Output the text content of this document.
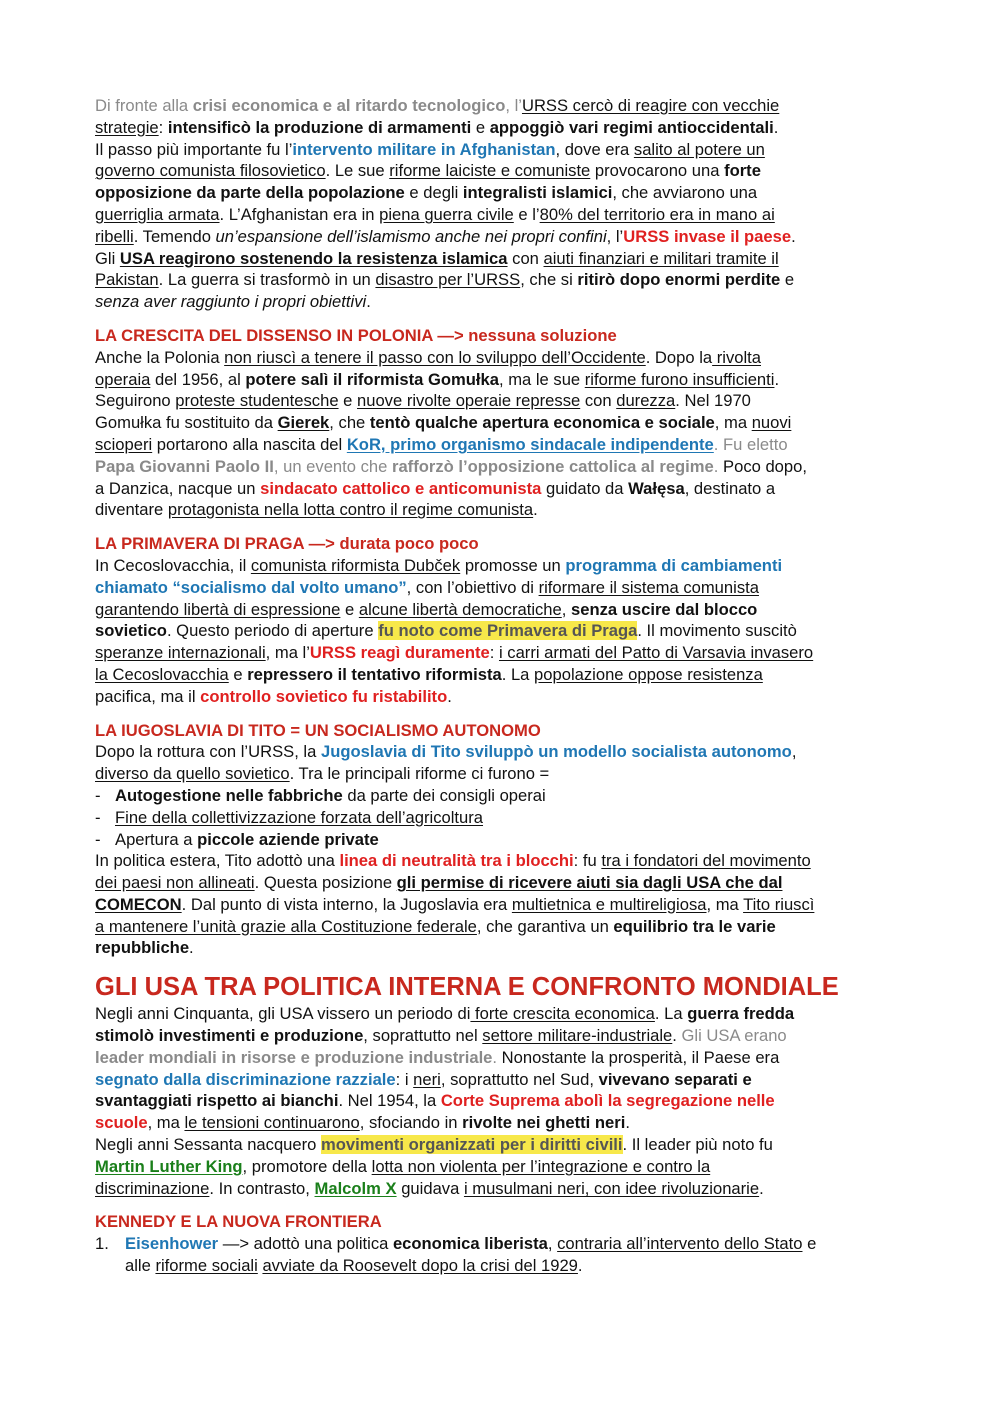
Di fronte alla crisi economica e al ritardo tecnologico, l’URSS cercò di reagire con vecchie
strategie: intensificò la produzione di armamenti e appoggiò vari regimi antioccidentali.
Il passo più importante fu l’intervento militare in Afghanistan, dove era salito al potere un
governo comunista filosovietico. Le sue riforme laiciste e comuniste provocarono una forte
opposizione da parte della popolazione e degli integralisti islamici, che avviarono una
guerriglia armata. L’Afghanistan era in piena guerra civile e l’80% del territorio era in mano ai
ribelli. Temendo un’espansione dell’islamismo anche nei propri confini, l’URSS invase il paese.
Gli USA reagirono sostenendo la resistenza islamica con aiuti finanziari e militari tramite il
Pakistan. La guerra si trasformò in un disastro per l’URSS, che si ritirò dopo enormi perdite e
senza aver raggiunto i propri obiettivi.
LA CRESCITA DEL DISSENSO IN POLONIA —> nessuna soluzione
Anche la Polonia non riuscì a tenere il passo con lo sviluppo dell’Occidente. Dopo la rivolta
operaia del 1956, al potere salì il riformista Gomułka, ma le sue riforme furono insufficienti.
Seguirono proteste studentesche e nuove rivolte operaie represse con durezza. Nel 1970
Gomułka fu sostituito da Gierek, che tentò qualche apertura economica e sociale, ma nuovi
scioperi portarono alla nascita del KoR, primo organismo sindacale indipendente. Fu eletto
Papa Giovanni Paolo II, un evento che rafforzò l’opposizione cattolica al regime. Poco dopo,
a Danzica, nacque un sindacato cattolico e anticomunista guidato da Wałęsa, destinato a
diventare protagonista nella lotta contro il regime comunista.
LA PRIMAVERA DI PRAGA —> durata poco poco
In Cecoslovacchia, il comunista riformista Dubček promosse un programma di cambiamenti
chiamato “socialismo dal volto umano”, con l’obiettivo di riformare il sistema comunista
garantendo libertà di espressione e alcune libertà democratiche, senza uscire dal blocco
sovietico. Questo periodo di aperture fu noto come Primavera di Praga. Il movimento suscitò
speranze internazionali, ma l’URSS reagì duramente: i carri armati del Patto di Varsavia invasero
la Cecoslovacchia e repressero il tentativo riformista. La popolazione oppose resistenza
pacifica, ma il controllo sovietico fu ristabilito.
LA IUGOSLAVIA DI TITO = UN SOCIALISMO AUTONOMO
Dopo la rottura con l’URSS, la Jugoslavia di Tito sviluppò un modello socialista autonomo,
diverso da quello sovietico. Tra le principali riforme ci furono =
- Autogestione nelle fabbriche da parte dei consigli operai
- Fine della collettivizzazione forzata dell’agricoltura
- Apertura a piccole aziende private
In politica estera, Tito adottò una linea di neutralità tra i blocchi: fu tra i fondatori del movimento
dei paesi non allineati. Questa posizione gli permise di ricevere aiuti sia dagli USA che dal
COMECON. Dal punto di vista interno, la Jugoslavia era multietnica e multireligiosa, ma Tito riuscì
a mantenere l’unità grazie alla Costituzione federale, che garantiva un equilibrio tra le varie
repubbliche.
GLI USA TRA POLITICA INTERNA E CONFRONTO MONDIALE
Negli anni Cinquanta, gli USA vissero un periodo di forte crescita economica. La guerra fredda
stimolò investimenti e produzione, soprattutto nel settore militare-industriale. Gli USA erano
leader mondiali in risorse e produzione industriale. Nonostante la prosperità, il Paese era
segnato dalla discriminazione razziale: i neri, soprattutto nel Sud, vivevano separati e
svantaggiati rispetto ai bianchi. Nel 1954, la Corte Suprema abolì la segregazione nelle
scuole, ma le tensioni continuarono, sfociando in rivolte nei ghetti neri.
Negli anni Sessanta nacquero movimenti organizzati per i diritti civili. Il leader più noto fu
Martin Luther King, promotore della lotta non violenta per l’integrazione e contro la
discriminazione. In contrasto, Malcolm X guidava i musulmani neri, con idee rivoluzionarie.
KENNEDY E LA NUOVA FRONTIERA
1. Eisenhower —> adottò una politica economica liberista, contraria all’intervento dello Stato e
alle riforme sociali avviate da Roosevelt dopo la crisi del 1929.
